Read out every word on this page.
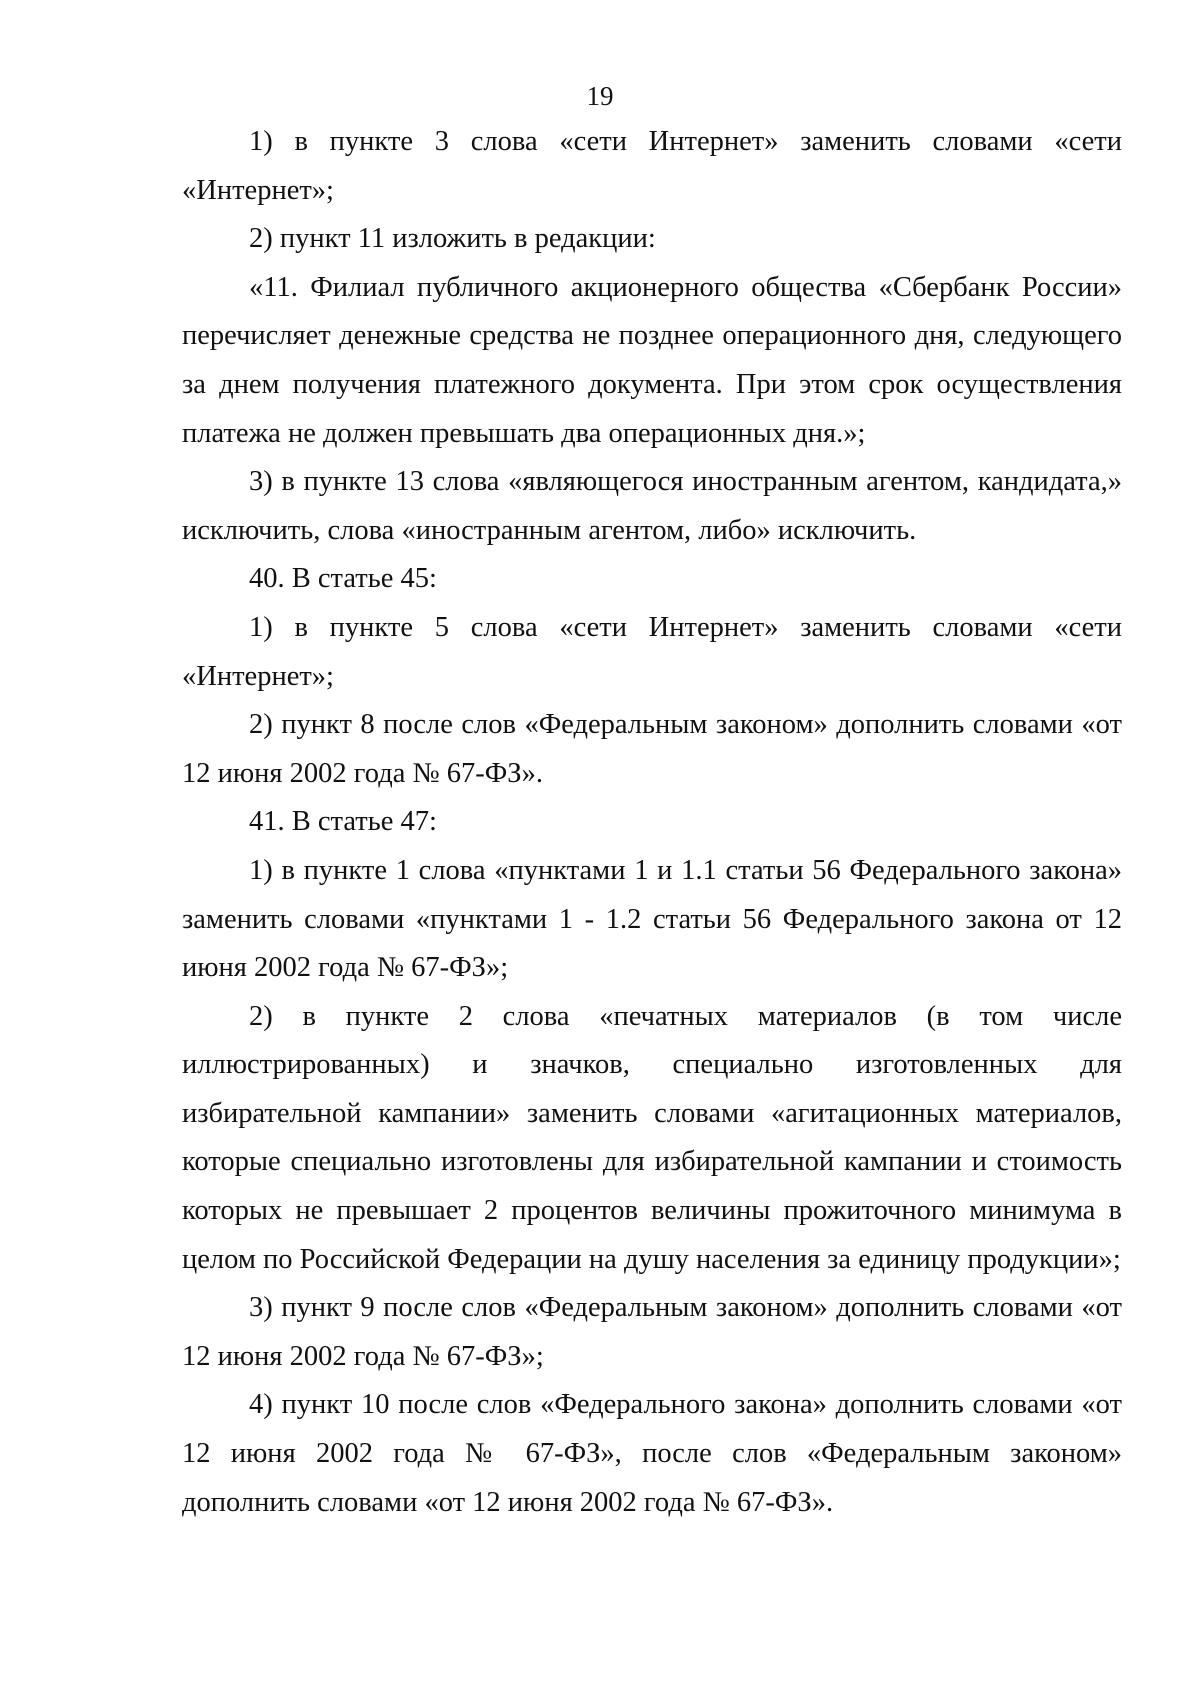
19

1) в пункте 3 слова «сети Интернет» заменить словами «сети «Интернет»;

2) пункт 11 изложить в редакции:

«11. Филиал публичного акционерного общества «Сбербанк России» перечисляет денежные средства не позднее операционного дня, следующего за днем получения платежного документа. При этом срок осуществления платежа не должен превышать два операционных дня.»;

3) в пункте 13 слова «являющегося иностранным агентом, кандидата,» исключить, слова «иностранным агентом, либо» исключить.

40. В статье 45:

1) в пункте 5 слова «сети Интернет» заменить словами «сети «Интернет»;

2) пункт 8 после слов «Федеральным законом» дополнить словами «от 12 июня 2002 года № 67-ФЗ».

41. В статье 47:

1) в пункте 1 слова «пунктами 1 и 1.1 статьи 56 Федерального закона» заменить словами «пунктами 1 - 1.2 статьи 56 Федерального закона от 12 июня 2002 года № 67-ФЗ»;

2) в пункте 2 слова «печатных материалов (в том числе иллюстрированных) и значков, специально изготовленных для избирательной кампании» заменить словами «агитационных материалов, которые специально изготовлены для избирательной кампании и стоимость которых не превышает 2 процентов величины прожиточного минимума в целом по Российской Федерации на душу населения за единицу продукции»;

3) пункт 9 после слов «Федеральным законом» дополнить словами «от 12 июня 2002 года № 67-ФЗ»;

4) пункт 10 после слов «Федерального закона» дополнить словами «от 12 июня 2002 года № 67-ФЗ», после слов «Федеральным законом» дополнить словами «от 12 июня 2002 года № 67-ФЗ».
